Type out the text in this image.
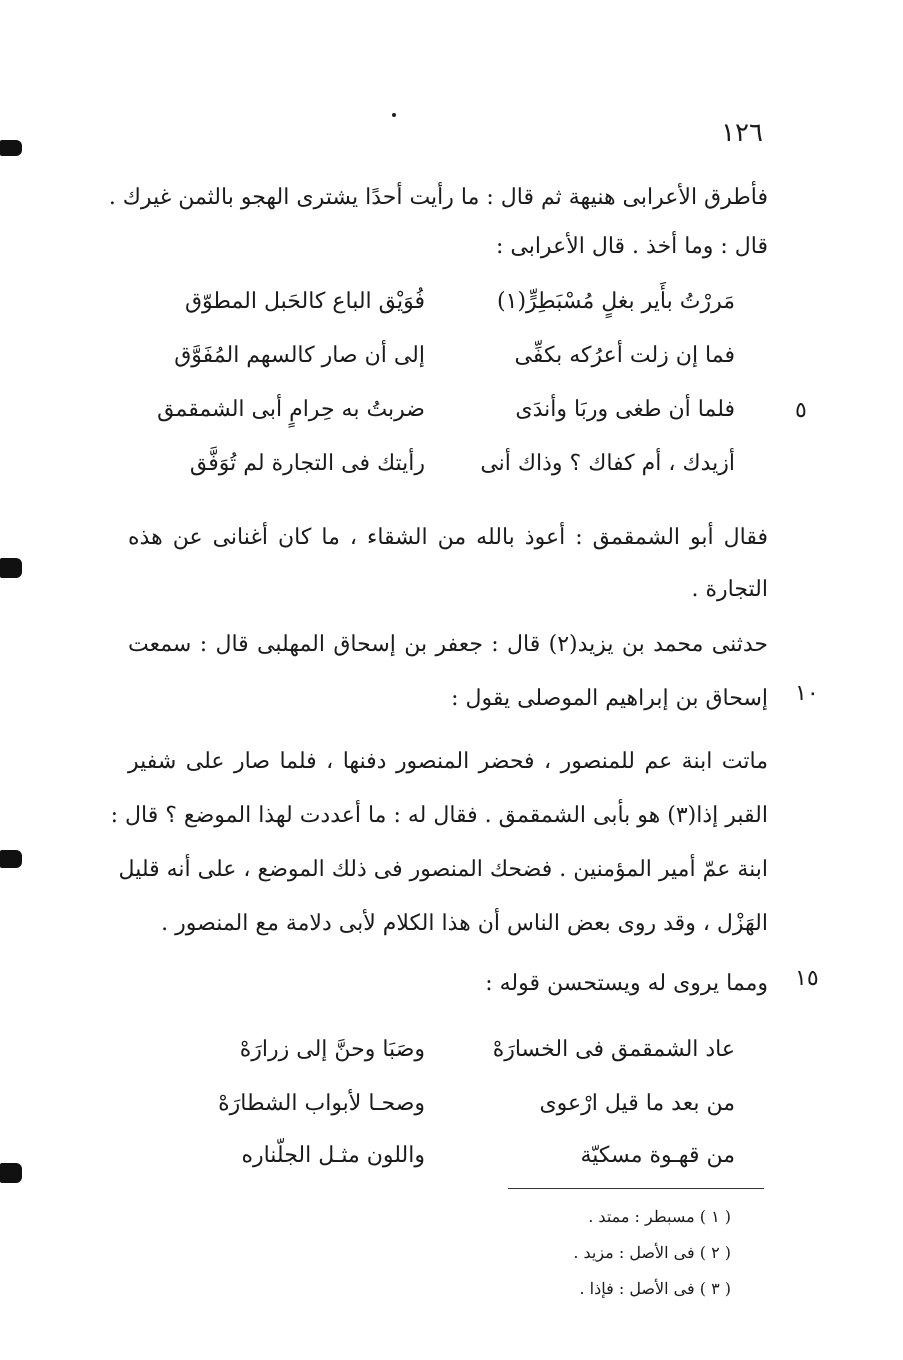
١٢٦
فأطرق الأعرابى هنيهة ثم قال : ما رأيت أحدًا يشترى الهجو بالثمن غيرك .
قال : وما أخذ . قال الأعرابى :
مَررْتُ بأَير بغلٍ مُسْبَطِرٍّ(١)
فُوَيْق الباع كالحَبل المطوّق
فما إن زلت أعرُكه بكفِّى
إلى أن صار كالسهم المُفَوَّق
فلما أن طغى وربَا وأندَى
ضربتُ به حِرامٍ أبى الشمقمق
أزيدك ، أم كفاك ؟ وذاك أنى
رأيتك فى التجارة لم تُوَفَّق
٥
فقال أبو الشمقمق : أعوذ بالله من الشقاء ، ما كان أغنانى عن هذه
التجارة .
حدثنى محمد بن يزيد(٢) قال : جعفر بن إسحاق المهلبى قال : سمعت
إسحاق بن إبراهيم الموصلى يقول : ١٠
ماتت ابنة عم للمنصور ، فحضر المنصور دفنها ، فلما صار على شفير
القبر إذا(٣) هو بأبى الشمقمق . فقال له : ما أعددت لهذا الموضع ؟ قال :
ابنة عمّ أمير المؤمنين . فضحك المنصور فى ذلك الموضع ، على أنه قليل
الهَزْل ، وقد روى بعض الناس أن هذا الكلام لأبى دلامة مع المنصور .
ومما يروى له ويستحسن قوله : ١٥
عاد الشمقمق فى الخسارَهْ
وصَبَا وحنَّ إلى زرارَهْ
من بعد ما قيل ارْعوى
وصحـا لأبواب الشطارَهْ
من قهـوة مسكيّة
واللون مثـل الجلّناره
( ١ ) مسبطر : ممتد .
( ٢ ) فى الأصل : مزيد .
( ٣ ) فى الأصل : فإذا .
